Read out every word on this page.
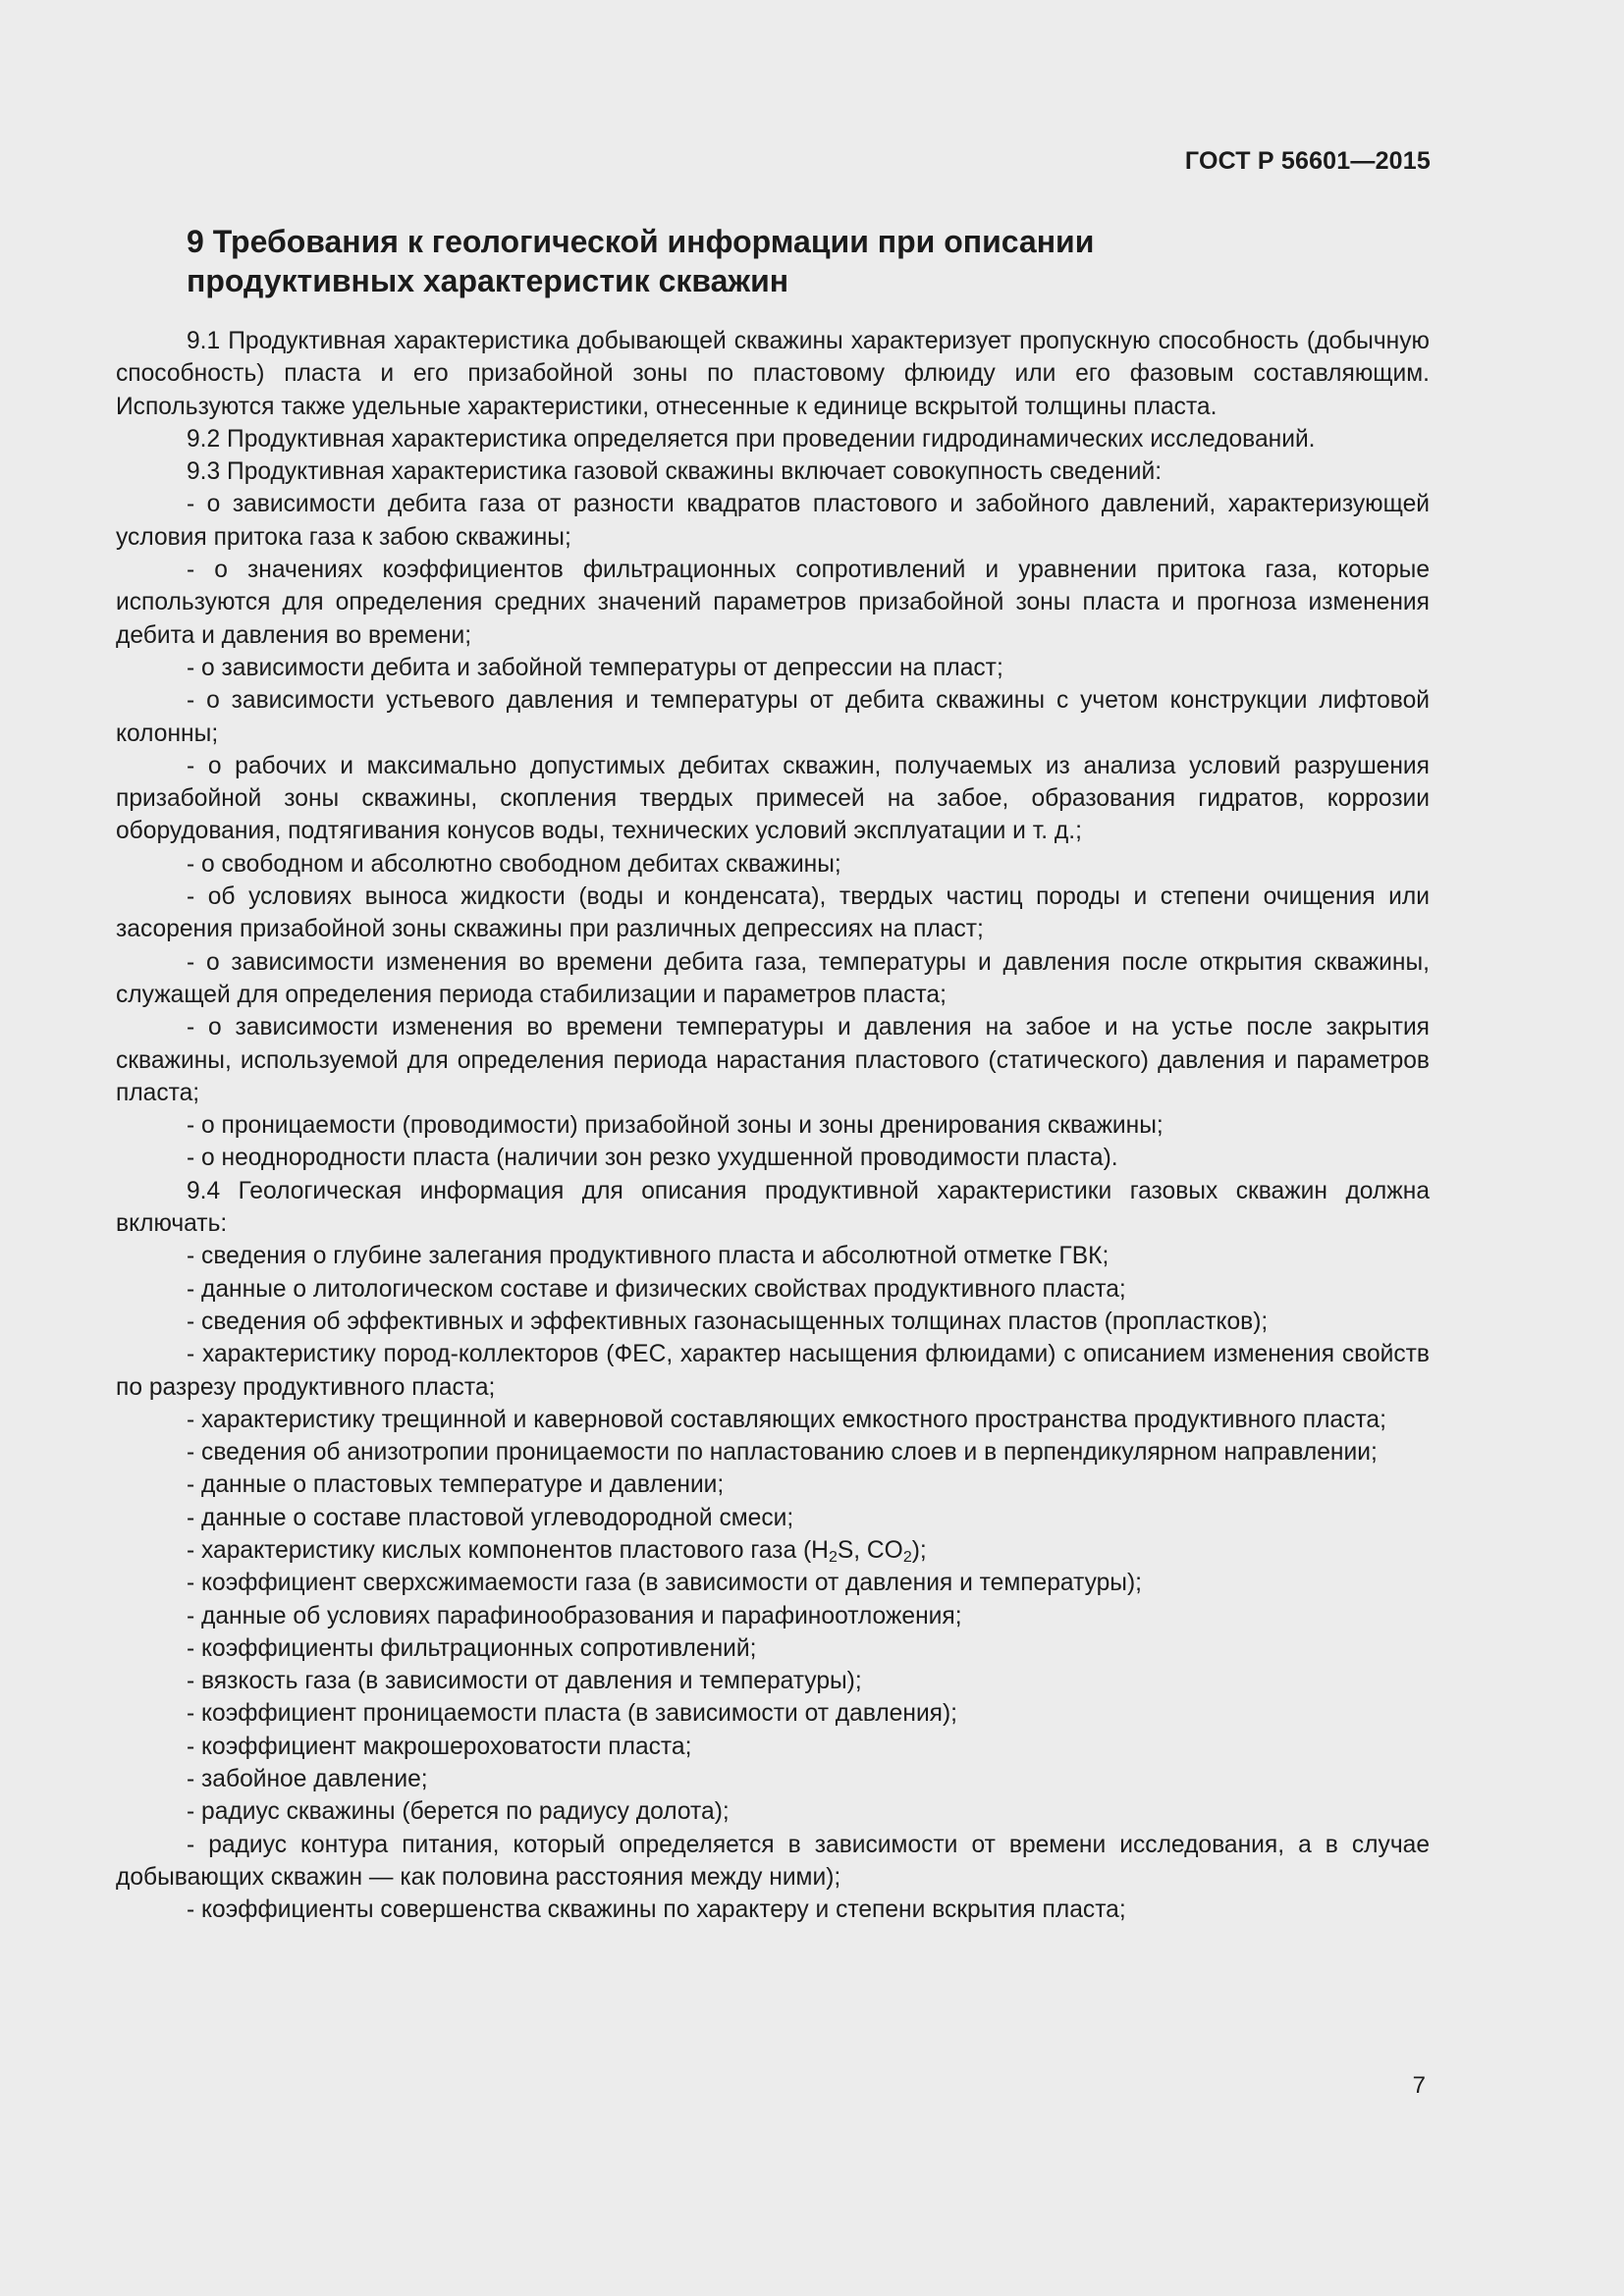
ГОСТ Р 56601—2015
9 Требования к геологической информации при описании
продуктивных характеристик скважин

9.1 Продуктивная характеристика добывающей скважины характеризует пропускную способность (добычную способность) пласта и его призабойной зоны по пластовому флюиду или его фазовым составляющим. Используются также удельные характеристики, отнесенные к единице вскрытой толщины пласта.

9.2 Продуктивная характеристика определяется при проведении гидродинамических исследований.

9.3 Продуктивная характеристика газовой скважины включает совокупность сведений:

- о зависимости дебита газа от разности квадратов пластового и забойного давлений, характеризующей условия притока газа к забою скважины;

- о значениях коэффициентов фильтрационных сопротивлений и уравнении притока газа, которые используются для определения средних значений параметров призабойной зоны пласта и прогноза изменения дебита и давления во времени;

- о зависимости дебита и забойной температуры от депрессии на пласт;

- о зависимости устьевого давления и температуры от дебита скважины с учетом конструкции лифтовой колонны;

- о рабочих и максимально допустимых дебитах скважин, получаемых из анализа условий разрушения призабойной зоны скважины, скопления твердых примесей на забое, образования гидратов, коррозии оборудования, подтягивания конусов воды, технических условий эксплуатации и т. д.;

- о свободном и абсолютно свободном дебитах скважины;

- об условиях выноса жидкости (воды и конденсата), твердых частиц породы и степени очищения или засорения призабойной зоны скважины при различных депрессиях на пласт;

- о зависимости изменения во времени дебита газа, температуры и давления после открытия скважины, служащей для определения периода стабилизации и параметров пласта;

- о зависимости изменения во времени температуры и давления на забое и на устье после закрытия скважины, используемой для определения периода нарастания пластового (статического) давления и параметров пласта;

- о проницаемости (проводимости) призабойной зоны и зоны дренирования скважины;

- о неоднородности пласта (наличии зон резко ухудшенной проводимости пласта).

9.4 Геологическая информация для описания продуктивной характеристики газовых скважин должна включать:

- сведения о глубине залегания продуктивного пласта и абсолютной отметке ГВК;

- данные о литологическом составе и физических свойствах продуктивного пласта;

- сведения об эффективных и эффективных газонасыщенных толщинах пластов (пропластков);

- характеристику пород-коллекторов (ФЕС, характер насыщения флюидами) с описанием изменения свойств по разрезу продуктивного пласта;

- характеристику трещинной и каверновой составляющих емкостного пространства продуктивного пласта;

- сведения об анизотропии проницаемости по напластованию слоев и в перпендикулярном направлении;

- данные о пластовых температуре и давлении;

- данные о составе пластовой углеводородной смеси;

- характеристику кислых компонентов пластового газа ($H_2S$, $CO_2$);

- коэффициент сверхсжимаемости газа (в зависимости от давления и температуры);

- данные об условиях парафинообразования и парафиноотложения;

- коэффициенты фильтрационных сопротивлений;

- вязкость газа (в зависимости от давления и температуры);

- коэффициент проницаемости пласта (в зависимости от давления);

- коэффициент макрошероховатости пласта;

- забойное давление;

- радиус скважины (берется по радиусу долота);

- радиус контура питания, который определяется в зависимости от времени исследования, а в случае добывающих скважин — как половина расстояния между ними);

- коэффициенты совершенства скважины по характеру и степени вскрытия пласта;

7
